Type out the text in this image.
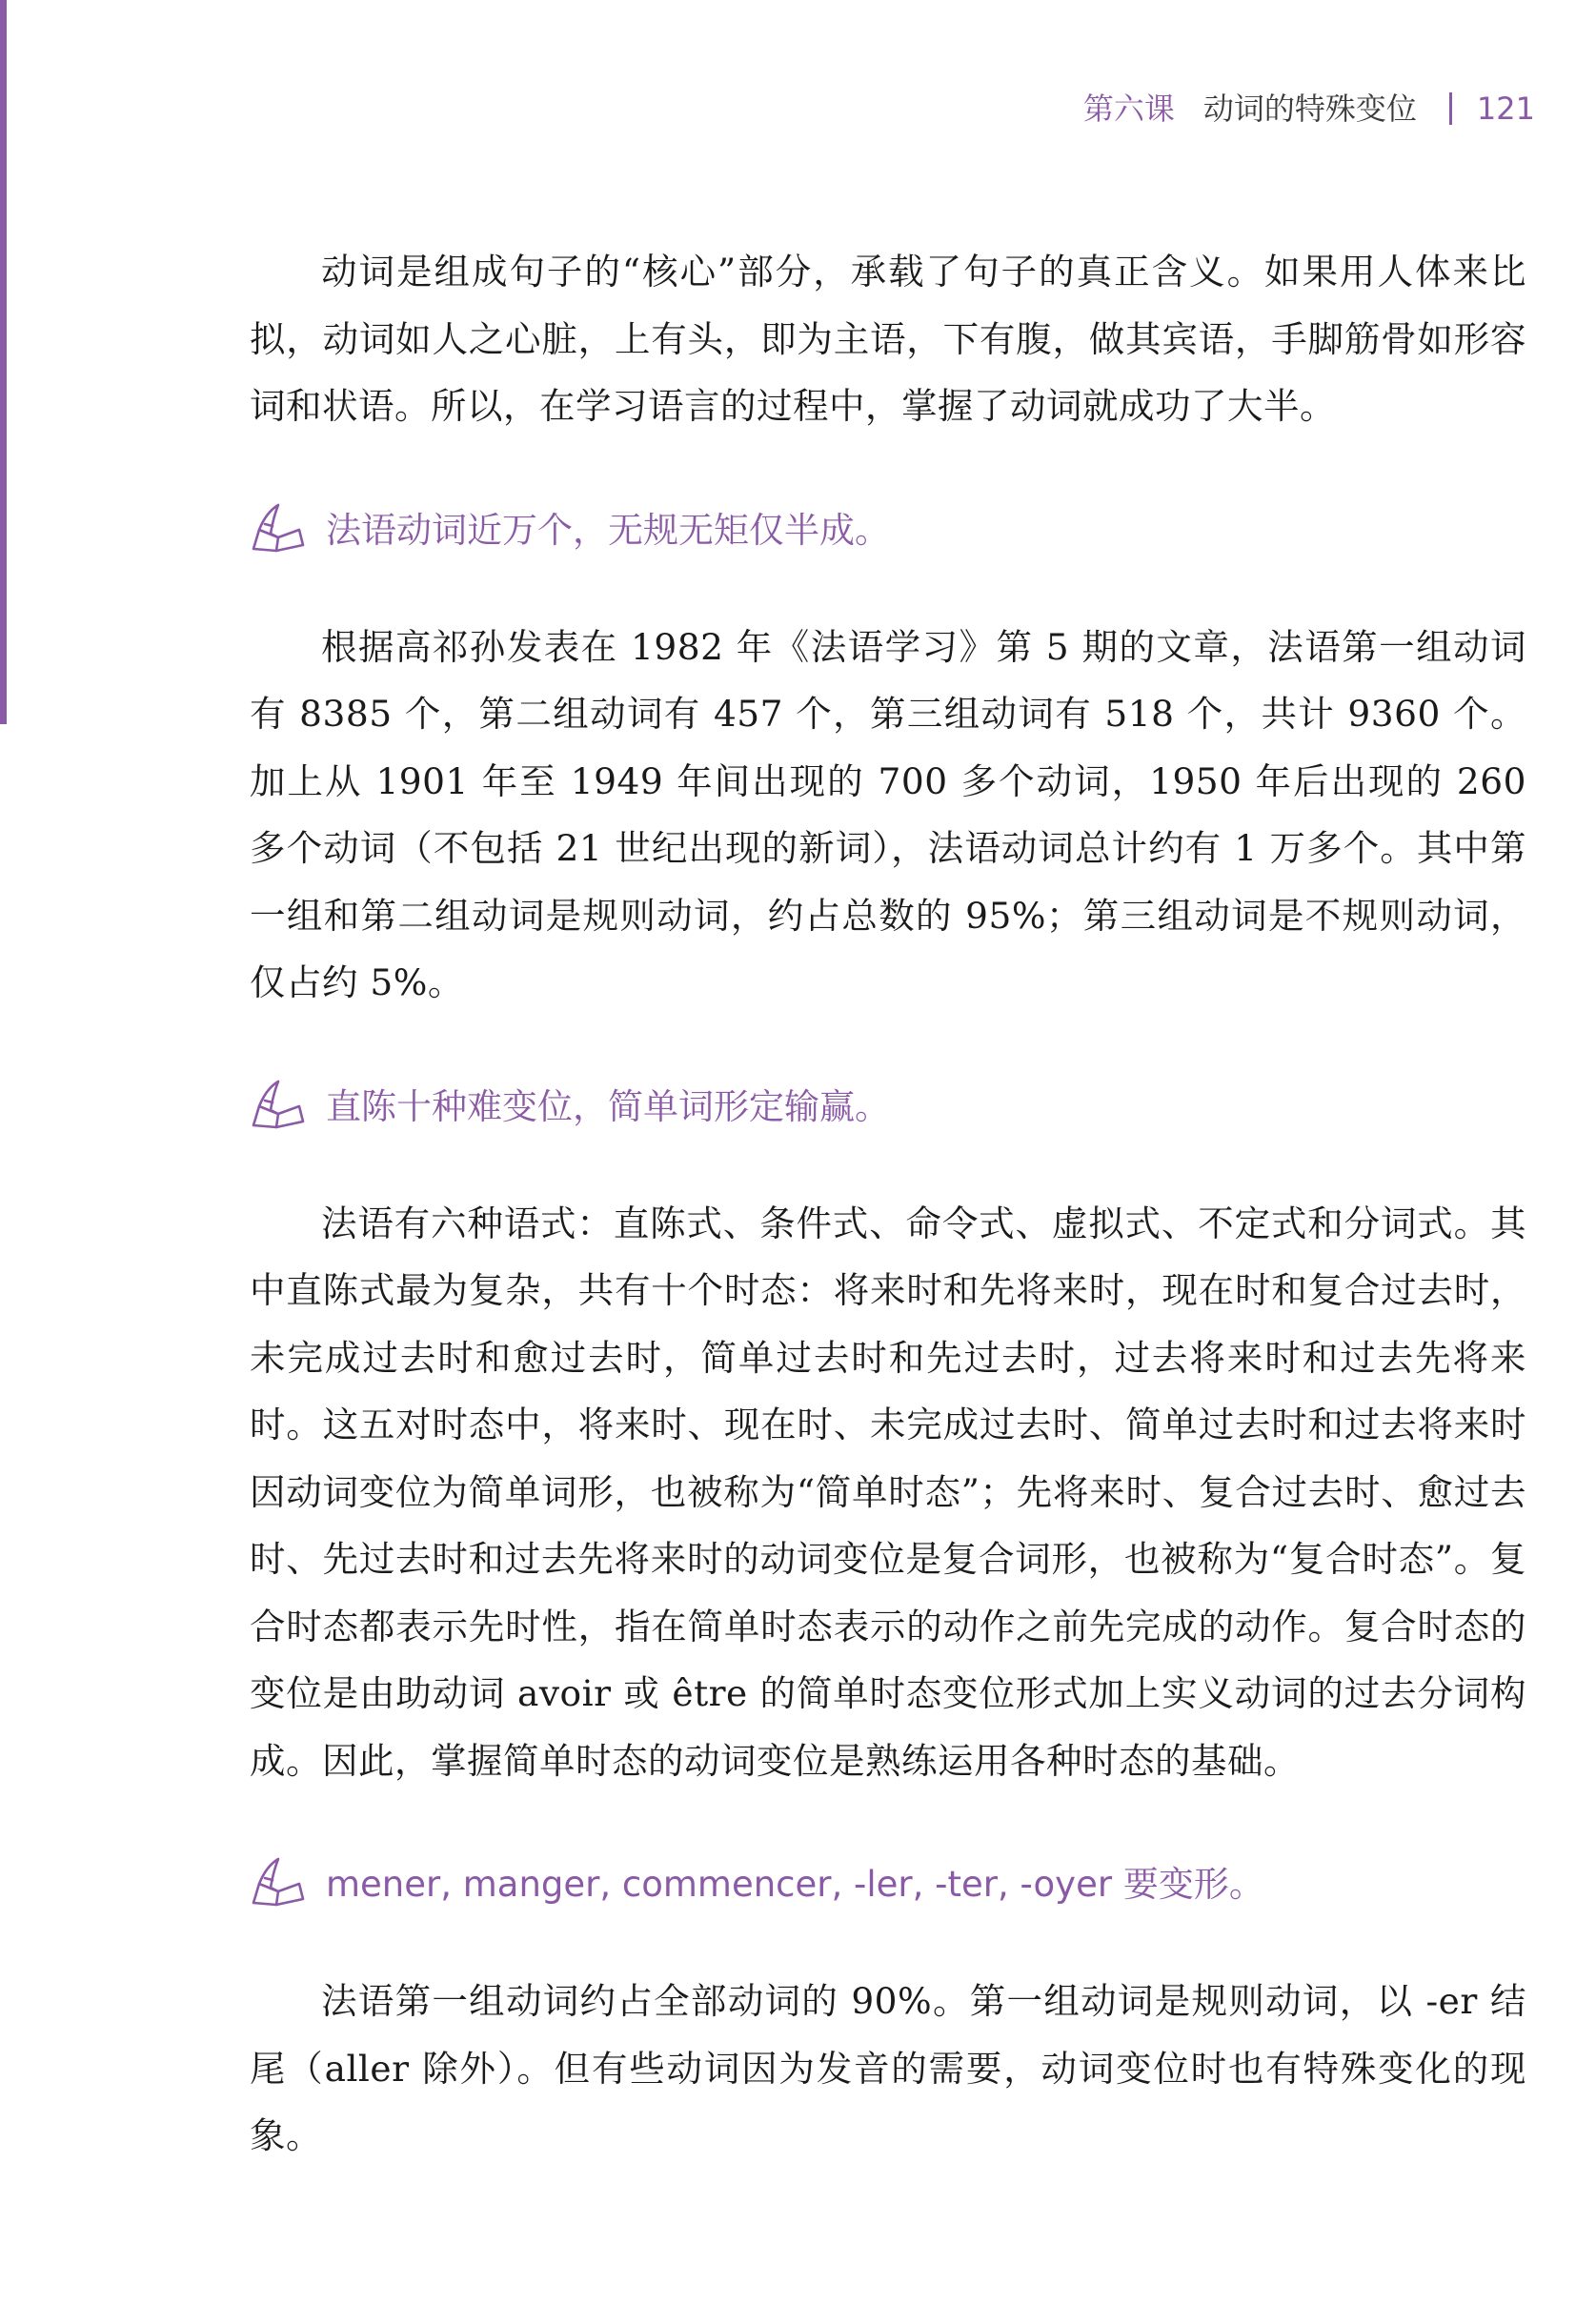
第六课 动词的特殊变位 121

动词是组成句子的“核心”部分，承载了句子的真正含义。如果用人体来比拟，动词如人之心脏，上有头，即为主语，下有腹，做其宾语，手脚筋骨如形容词和状语。所以，在学习语言的过程中，掌握了动词就成功了大半。

法语动词近万个，无规无矩仅半成。

根据高祁孙发表在 1982 年《法语学习》第 5 期的文章，法语第一组动词有 8385 个，第二组动词有 457 个，第三组动词有 518 个，共计 9360 个。加上从 1901 年至 1949 年间出现的 700 多个动词，1950 年后出现的 260 多个动词（不包括 21 世纪出现的新词），法语动词总计约有 1 万多个。其中第一组和第二组动词是规则动词，约占总数的 95%；第三组动词是不规则动词，仅占约 5%。

直陈十种难变位，简单词形定输赢。

法语有六种语式：直陈式、条件式、命令式、虚拟式、不定式和分词式。其中直陈式最为复杂，共有十个时态：将来时和先将来时，现在时和复合过去时，未完成过去时和愈过去时，简单过去时和先过去时，过去将来时和过去先将来时。这五对时态中，将来时、现在时、未完成过去时、简单过去时和过去将来时因动词变位为简单词形，也被称为“简单时态”；先将来时、复合过去时、愈过去时、先过去时和过去先将来时的动词变位是复合词形，也被称为“复合时态”。复合时态都表示先时性，指在简单时态表示的动作之前先完成的动作。复合时态的变位是由助动词 avoir 或 être 的简单时态变位形式加上实义动词的过去分词构成。因此，掌握简单时态的动词变位是熟练运用各种时态的基础。

mener, manger, commencer, -ler, -ter, -oyer 要变形。

法语第一组动词约占全部动词的 90%。第一组动词是规则动词，以 -er 结尾（aller 除外）。但有些动词因为发音的需要，动词变位时也有特殊变化的现象。
